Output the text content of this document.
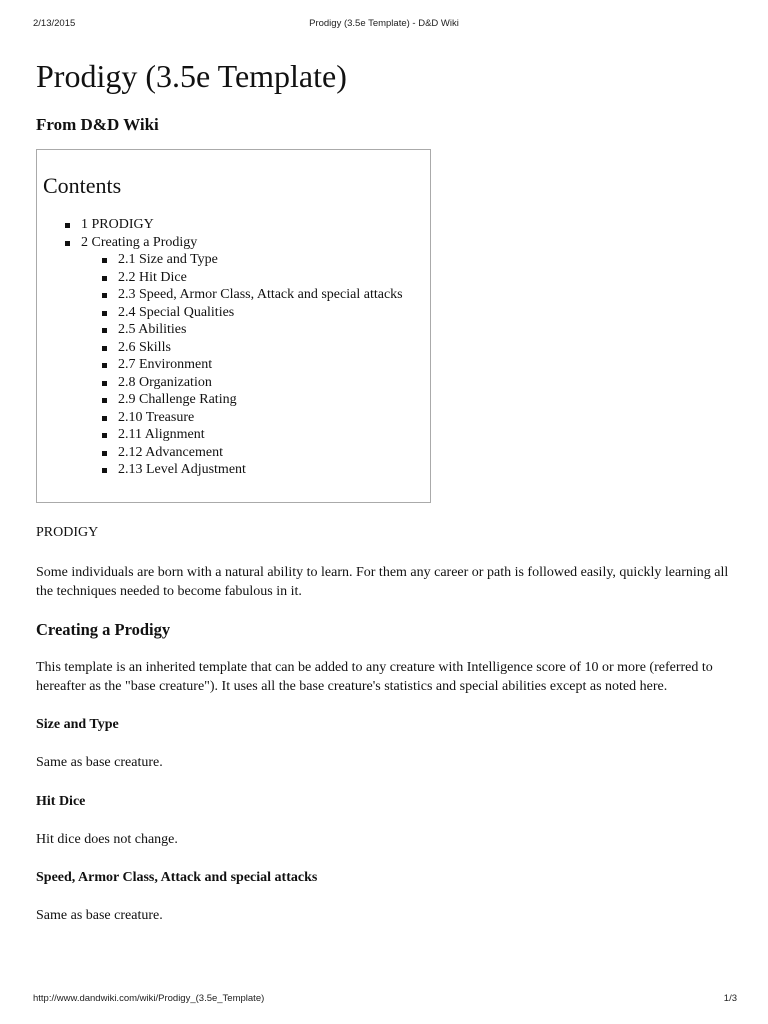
2/13/2015	Prodigy (3.5e Template) - D&D Wiki
Prodigy (3.5e Template)
From D&D Wiki
Contents
1 PRODIGY
2 Creating a Prodigy
2.1 Size and Type
2.2 Hit Dice
2.3 Speed, Armor Class, Attack and special attacks
2.4 Special Qualities
2.5 Abilities
2.6 Skills
2.7 Environment
2.8 Organization
2.9 Challenge Rating
2.10 Treasure
2.11 Alignment
2.12 Advancement
2.13 Level Adjustment
PRODIGY

Some individuals are born with a natural ability to learn. For them any career or path is followed easily, quickly learning all the techniques needed to become fabulous in it.

Creating a Prodigy

This template is an inherited template that can be added to any creature with Intelligence score of 10 or more (referred to hereafter as the "base creature"). It uses all the base creature's statistics and special abilities except as noted here.

Size and Type

Same as base creature.

Hit Dice

Hit dice does not change.

Speed, Armor Class, Attack and special attacks

Same as base creature.

http://www.dandwiki.com/wiki/Prodigy_(3.5e_Template)	1/3
